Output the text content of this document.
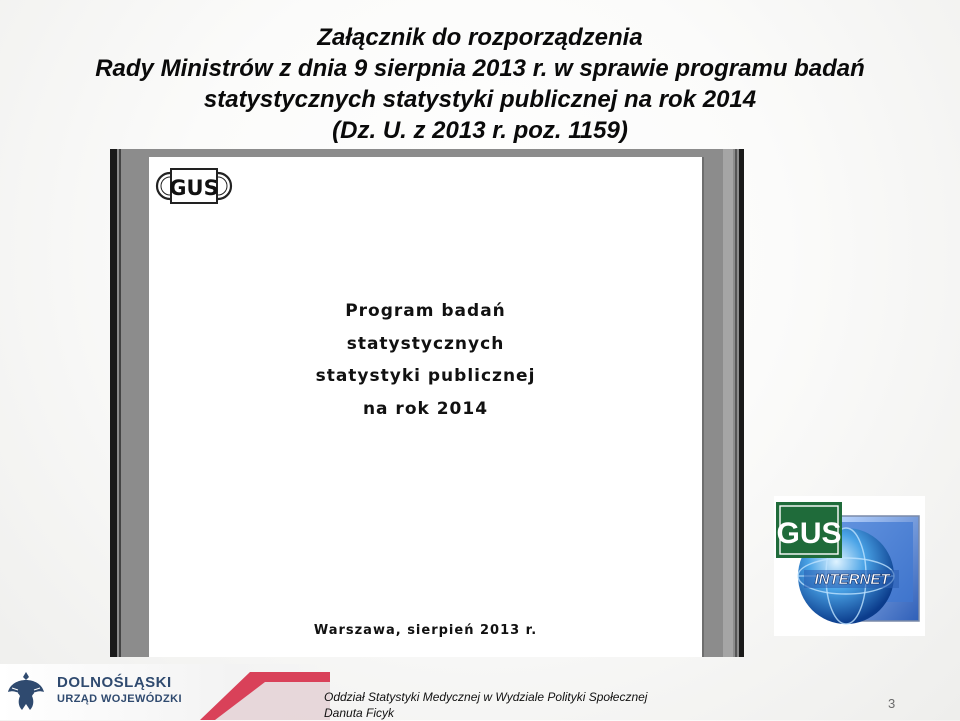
Załącznik do rozporządzenia
Rady Ministrów z dnia 9 sierpnia 2013 r. w sprawie programu badań
statystycznych statystyki publicznej na rok 2014
(Dz. U. z 2013 r. poz. 1159)
GUS
Program badań
statystycznych
statystyki publicznej
na rok 2014
Warszawa, sierpień 2013 r.
GUS
INTERNET
DOLNOŚLĄSKI
URZĄD WOJEWÓDZKI	Oddział Statystyki Medycznej w Wydziale Polityki Społecznej
Danuta Ficyk
3
